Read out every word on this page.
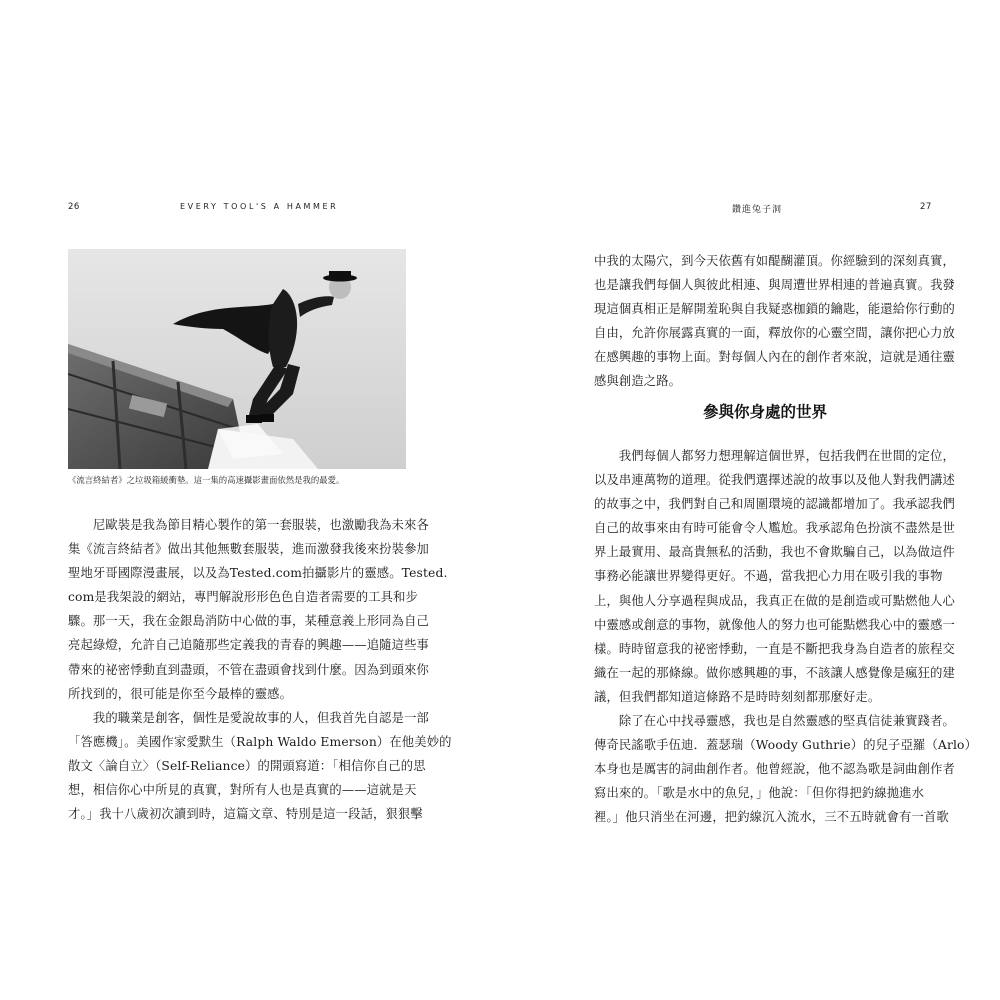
26	EVERY TOOL'S A HAMMER
《流言終結者》之垃圾箱緩衝墊。這一集的高速攝影畫面依然是我的最愛。
　　尼歐裝是我為節目精心製作的第一套服裝，也激勵我為未來各
集《流言終結者》做出其他無數套服裝，進而激發我後來扮裝參加
聖地牙哥國際漫畫展，以及為Tested.com拍攝影片的靈感。Tested.
com是我架設的網站，專門解說形形色色自造者需要的工具和步
驟。那一天，我在金銀島消防中心做的事，某種意義上形同為自己
亮起綠燈，允許自己追隨那些定義我的青春的興趣——追隨這些事
帶來的祕密悸動直到盡頭，不管在盡頭會找到什麼。因為到頭來你
所找到的，很可能是你至今最棒的靈感。
　　我的職業是創客，個性是愛說故事的人，但我首先自認是一部
「答應機」。美國作家愛默生（Ralph Waldo Emerson）在他美妙的
散文〈論自立〉（Self-Reliance）的開頭寫道：「相信你自己的思
想，相信你心中所見的真實，對所有人也是真實的——這就是天
才。」我十八歲初次讀到時，這篇文章、特別是這一段話，狠狠擊
鑽進兔子洞	27
中我的太陽穴，到今天依舊有如醍醐灌頂。你經驗到的深刻真實，
也是讓我們每個人與彼此相連、與周遭世界相連的普遍真實。我發
現這個真相正是解開羞恥與自我疑惑枷鎖的鑰匙，能還給你行動的
自由，允許你展露真實的一面，釋放你的心靈空間，讓你把心力放
在感興趣的事物上面。對每個人內在的創作者來說，這就是通往靈
感與創造之路。
參與你身處的世界
　　我們每個人都努力想理解這個世界，包括我們在世間的定位，
以及串連萬物的道理。從我們選擇述說的故事以及他人對我們講述
的故事之中，我們對自己和周圍環境的認識都增加了。我承認我們
自己的故事來由有時可能會令人尷尬。我承認角色扮演不盡然是世
界上最實用、最高貴無私的活動，我也不會欺騙自己，以為做這件
事務必能讓世界變得更好。不過，當我把心力用在吸引我的事物
上，與他人分享過程與成品，我真正在做的是創造或可點燃他人心
中靈感或創意的事物，就像他人的努力也可能點燃我心中的靈感一
樣。時時留意我的祕密悸動，一直是不斷把我身為自造者的旅程交
織在一起的那條線。做你感興趣的事，不該讓人感覺像是瘋狂的建
議，但我們都知道這條路不是時時刻刻都那麼好走。
　　除了在心中找尋靈感，我也是自然靈感的堅真信徒兼實踐者。
傳奇民謠歌手伍迪．蓋瑟瑞（Woody Guthrie）的兒子亞羅（Arlo）
本身也是厲害的詞曲創作者。他曾經說，他不認為歌是詞曲創作者
寫出來的。「歌是水中的魚兒，」他說：「但你得把釣線拋進水
裡。」他只消坐在河邊，把釣線沉入流水，三不五時就會有一首歌
